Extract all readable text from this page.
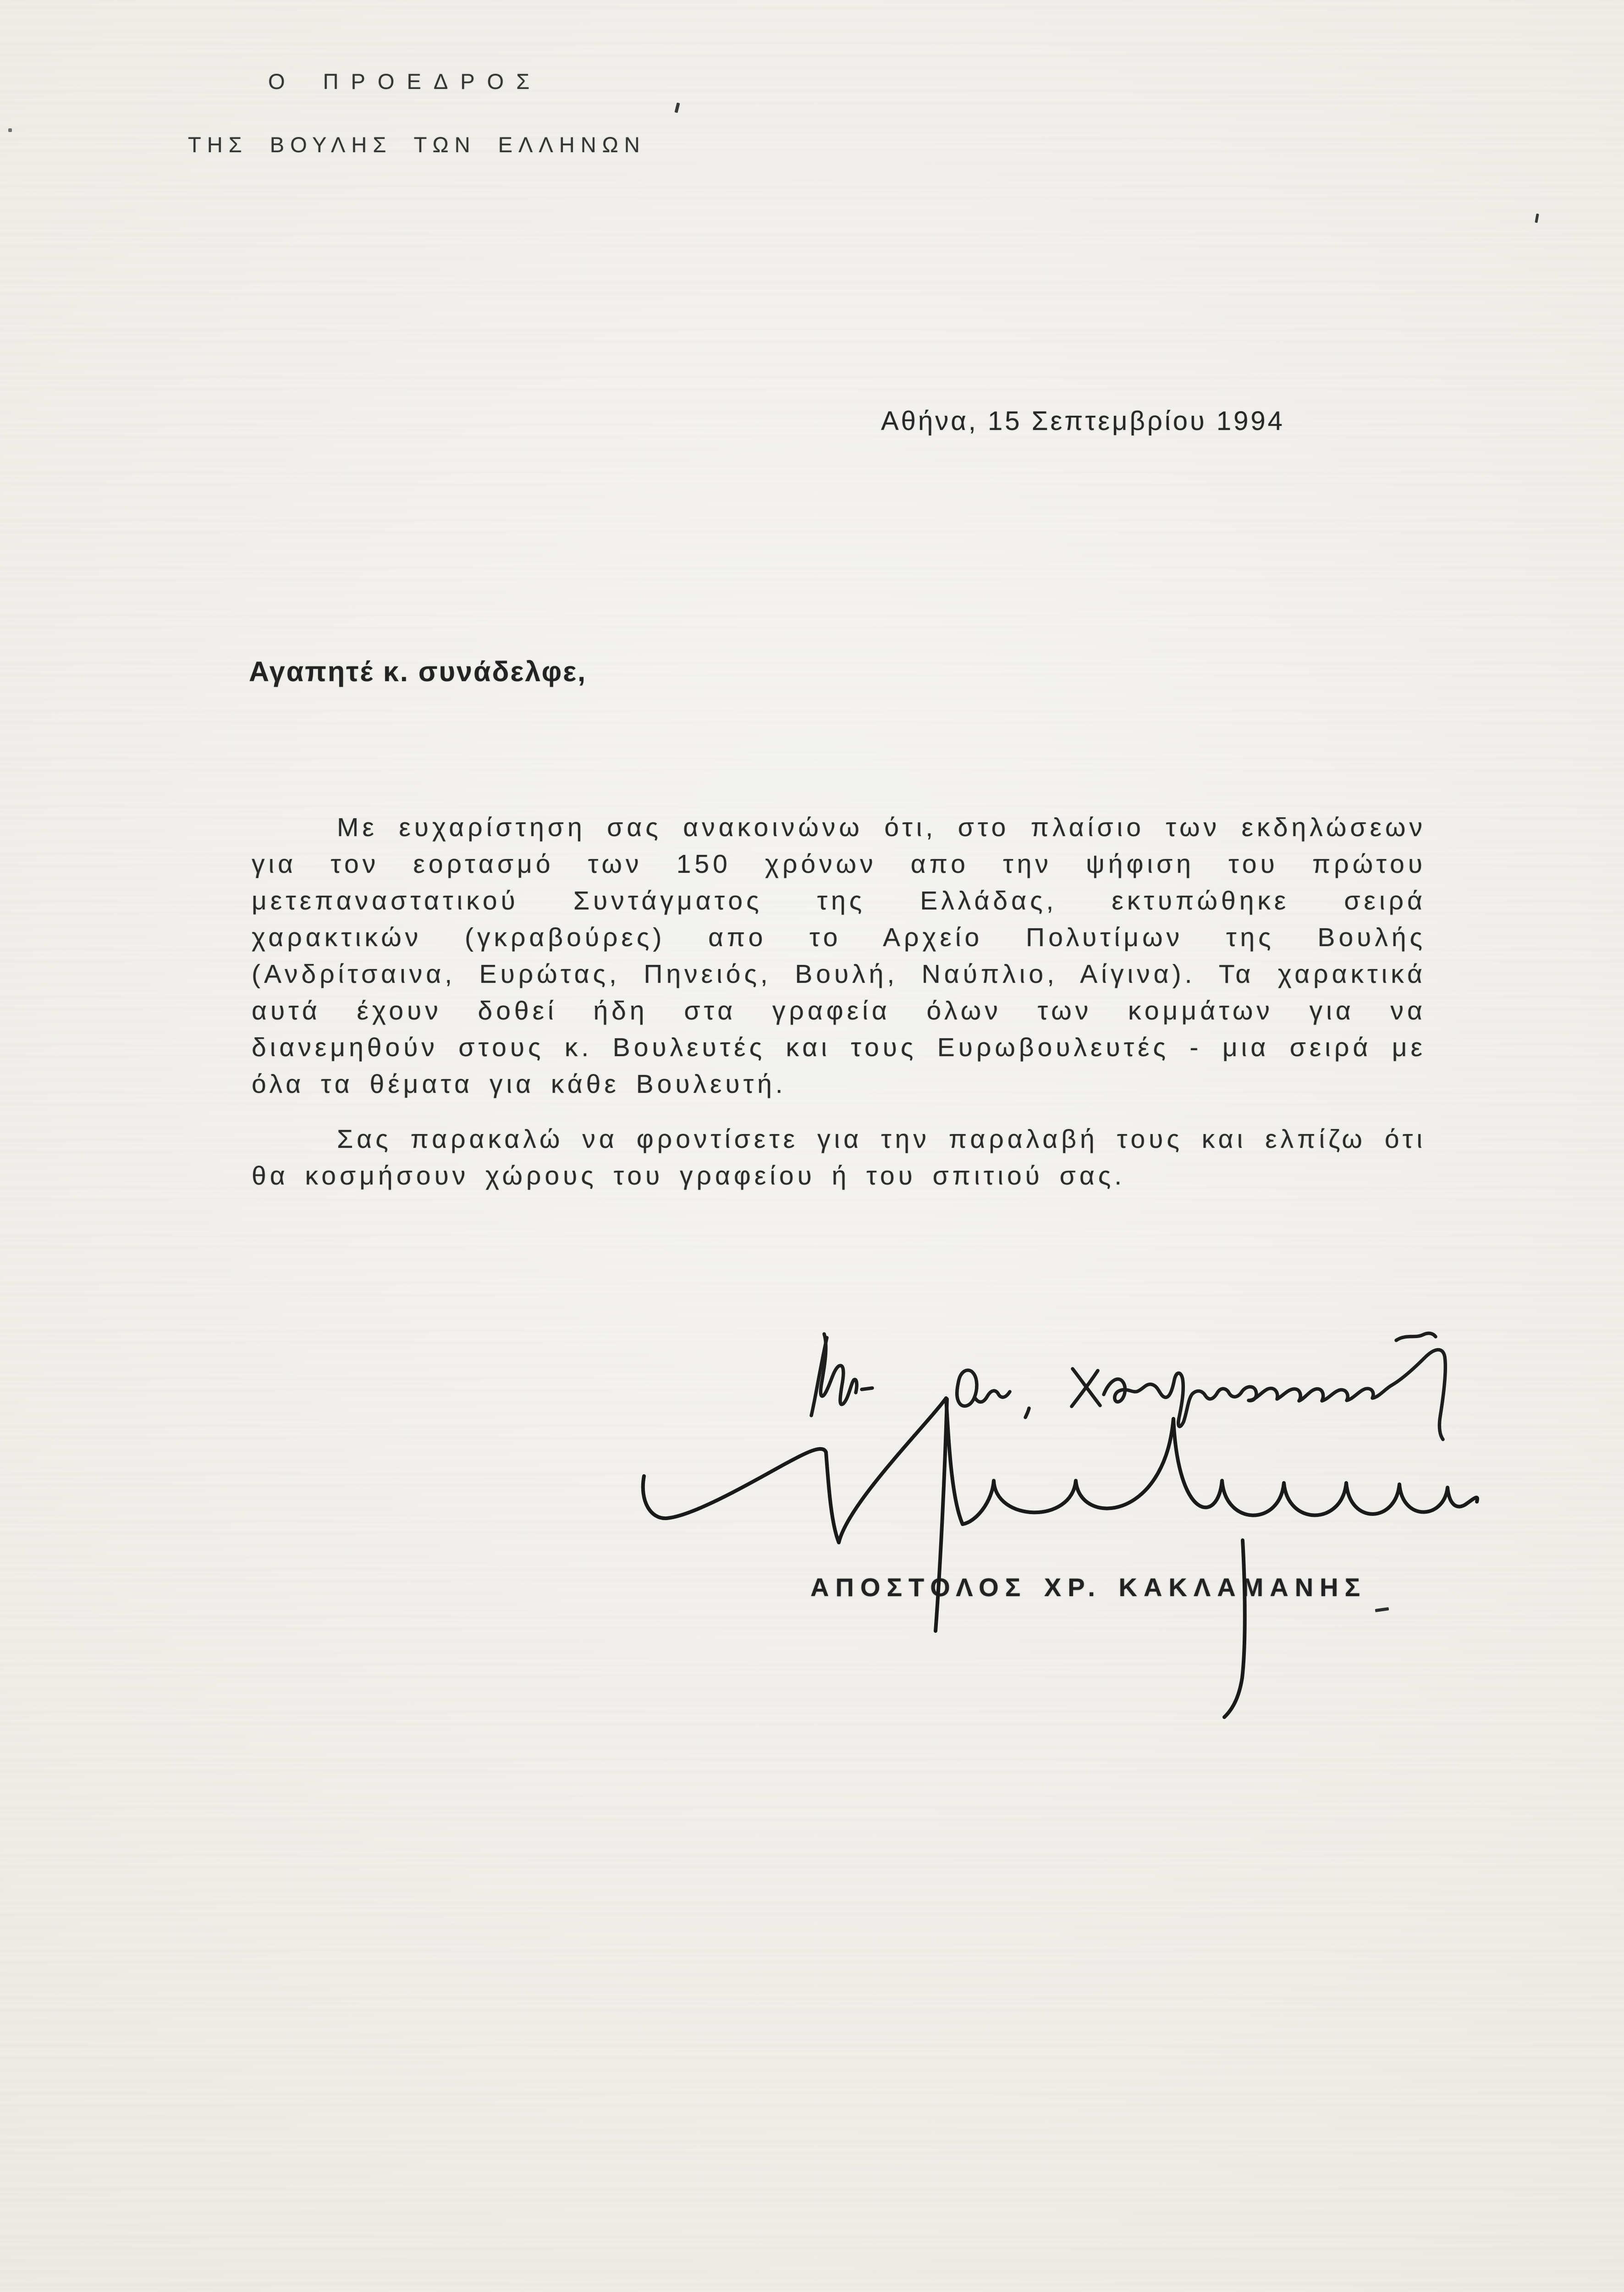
Ο ΠΡΟΕΔΡΟΣ
ΤΗΣ ΒΟΥΛΗΣ ΤΩΝ ΕΛΛΗΝΩΝ
Αθήνα, 15 Σεπτεμβρίου 1994
Αγαπητέ κ. συνάδελφε,
Με ευχαρίστηση σας ανακοινώνω ότι, στο πλαίσιο των εκδηλώσεων
για τον εορτασμό των 150 χρόνων απο την ψήφιση του πρώτου
μετεπαναστατικού Συντάγματος της Ελλάδας, εκτυπώθηκε σειρά
χαρακτικών (γκραβούρες) απο το Αρχείο Πολυτίμων της Βουλής
(Ανδρίτσαινα, Ευρώτας, Πηνειός, Βουλή, Ναύπλιο, Αίγινα). Τα χαρακτικά
αυτά έχουν δοθεί ήδη στα γραφεία όλων των κομμάτων για να
διανεμηθούν στους κ. Βουλευτές και τους Ευρωβουλευτές - μια σειρά με
όλα τα θέματα για κάθε Βουλευτή.
Σας παρακαλώ να φροντίσετε για την παραλαβή τους και ελπίζω ότι
θα κοσμήσουν χώρους του γραφείου ή του σπιτιού σας.
ΑΠΟΣΤΟΛΟΣ ΧΡ. ΚΑΚΛΑΜΑΝΗΣ
